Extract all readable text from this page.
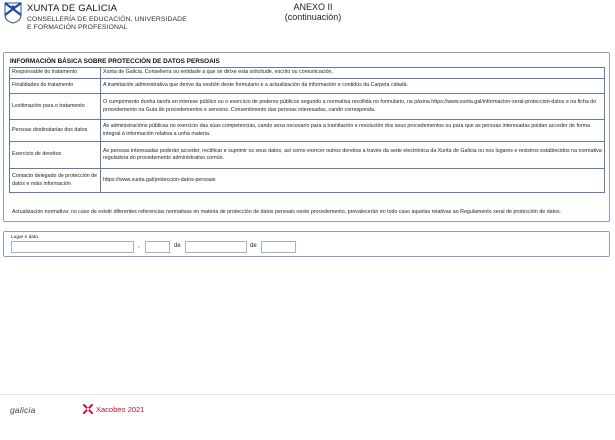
XUNTA DE GALICIA
CONSELLERÍA DE EDUCACIÓN, UNIVERSIDADE
E FORMACIÓN PROFESIONAL
ANEXO II
(continuación)
INFORMACIÓN BÁSICA SOBRE PROTECCIÓN DE DATOS PERSOAIS
Responsable do tratamento	Xunta de Galicia. Consellería ou entidade a que se dirixe esta solicitude, escrito ou comunicación.
Finalidades do tratamento	A tramitación administrativa que derive da xestión deste formulario e a actualización da información e contidos da Carpeta cidadá.
Lexitimación para o tratamento	O cumprimento dunha tarefa en interese público ou o exercicio de poderes públicos segundo a normativa recollida no formulario, na páxina https://www.xunta.gal/informacion-xeral-proteccion-datos e na ficha do procedemento na Guía de procedementos e servizos. Consentimento das persoas interesadas, cando corresponda.
Persoas destinatarias dos datos	As administracións públicas no exercicio das súas competencias, cando sexa necesario para a tramitación e resolución dos seus procedementos ou para que as persoas interesadas poidan acceder de forma integral á información relativa a unha materia.
Exercicio de dereitos	As persoas interesadas poderán acceder, rectificar e suprimir os seus datos, así como exercer outros dereitos a través da sede electrónica da Xunta de Galicia ou nos lugares e rexistros establecidos na normativa reguladora do procedemento administrativo común.
Contacto delegado de protección de datos e máis información	https://www.xunta.gal/proteccion-datos-persoais
Actualización normativa: no caso de existir diferentes referencias normativas en materia de protección de datos persoais neste procedemento, prevalecerán en todo caso aquelas relativas ao Regulamento xeral de protección de datos.
Lugar e data
,	de	de
galicia	Xacobeo 2021
